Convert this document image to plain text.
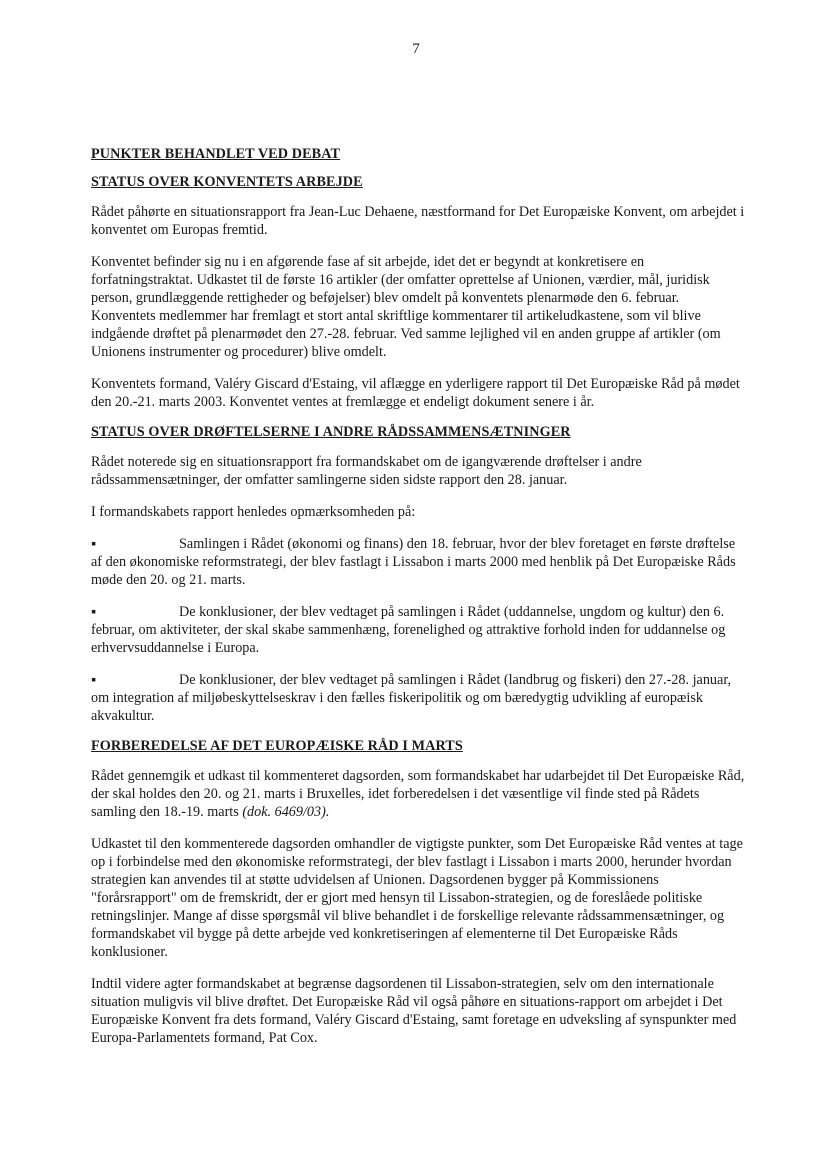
7
PUNKTER BEHANDLET VED DEBAT
STATUS OVER KONVENTETS ARBEJDE

Rådet påhørte en situationsrapport fra Jean-Luc Dehaene, næstformand for Det Europæiske Konvent, om arbejdet i konventet om Europas fremtid.

Konventet befinder sig nu i en afgørende fase af sit arbejde, idet det er begyndt at konkretisere en forfatningstraktat. Udkastet til de første 16 artikler (der omfatter oprettelse af Unionen, værdier, mål, juridisk person, grundlæggende rettigheder og beføjelser) blev omdelt på konventets plenarmøde den 6. februar. Konventets medlemmer har fremlagt et stort antal skriftlige kommentarer til artikeludkastene, som vil blive indgående drøftet på plenarmødet den 27.-28. februar. Ved samme lejlighed vil en anden gruppe af artikler (om Unionens instrumenter og procedurer) blive omdelt.

Konventets formand, Valéry Giscard d'Estaing, vil aflægge en yderligere rapport til Det Europæiske Råd på mødet den 20.-21. marts 2003. Konventet ventes at fremlægge et endeligt dokument senere i år.

STATUS OVER DRØFTELSERNE I ANDRE RÅDSSAMMENSÆTNINGER

Rådet noterede sig en situationsrapport fra formandskabet om de igangværende drøftelser i andre rådssammensætninger, der omfatter samlingerne siden sidste rapport den 28. januar.

I formandskabets rapport henledes opmærksomheden på:

▪	Samlingen i Rådet (økonomi og finans) den 18. februar, hvor der blev foretaget en første drøftelse af den økonomiske reformstrategi, der blev fastlagt i Lissabon i marts 2000 med henblik på Det Europæiske Råds møde den 20. og 21. marts.

▪	De konklusioner, der blev vedtaget på samlingen i Rådet (uddannelse, ungdom og kultur) den 6. februar, om aktiviteter, der skal skabe sammenhæng, forenelighed og attraktive forhold inden for uddannelse og erhvervsuddannelse i Europa.

▪	De konklusioner, der blev vedtaget på samlingen i Rådet (landbrug og fiskeri) den 27.-28. januar, om integration af miljøbeskyttelseskrav i den fælles fiskeripolitik og om bæredygtig udvikling af europæisk akvakultur.

FORBEREDELSE AF DET EUROPÆISKE RÅD I MARTS

Rådet gennemgik et udkast til kommenteret dagsorden, som formandskabet har udarbejdet til Det Europæiske Råd, der skal holdes den 20. og 21. marts i Bruxelles, idet forberedelsen i det væsentlige vil finde sted på Rådets samling den 18.-19. marts (dok. 6469/03).

Udkastet til den kommenterede dagsorden omhandler de vigtigste punkter, som Det Europæiske Råd ventes at tage op i forbindelse med den økonomiske reformstrategi, der blev fastlagt i Lissabon i marts 2000, herunder hvordan strategien kan anvendes til at støtte udvidelsen af Unionen. Dagsordenen bygger på Kommissionens "forårsrapport" om de fremskridt, der er gjort med hensyn til Lissabon-strategien, og de foreslåede politiske retningslinjer. Mange af disse spørgsmål vil blive behandlet i de forskellige relevante rådssammensætninger, og formandskabet vil bygge på dette arbejde ved konkretiseringen af elementerne til Det Europæiske Råds konklusioner.

Indtil videre agter formandskabet at begrænse dagsordenen til Lissabon-strategien, selv om den internationale situation muligvis vil blive drøftet. Det Europæiske Råd vil også påhøre en situations-rapport om arbejdet i Det Europæiske Konvent fra dets formand, Valéry Giscard d'Estaing, samt foretage en udveksling af synspunkter med Europa-Parlamentets formand, Pat Cox.
